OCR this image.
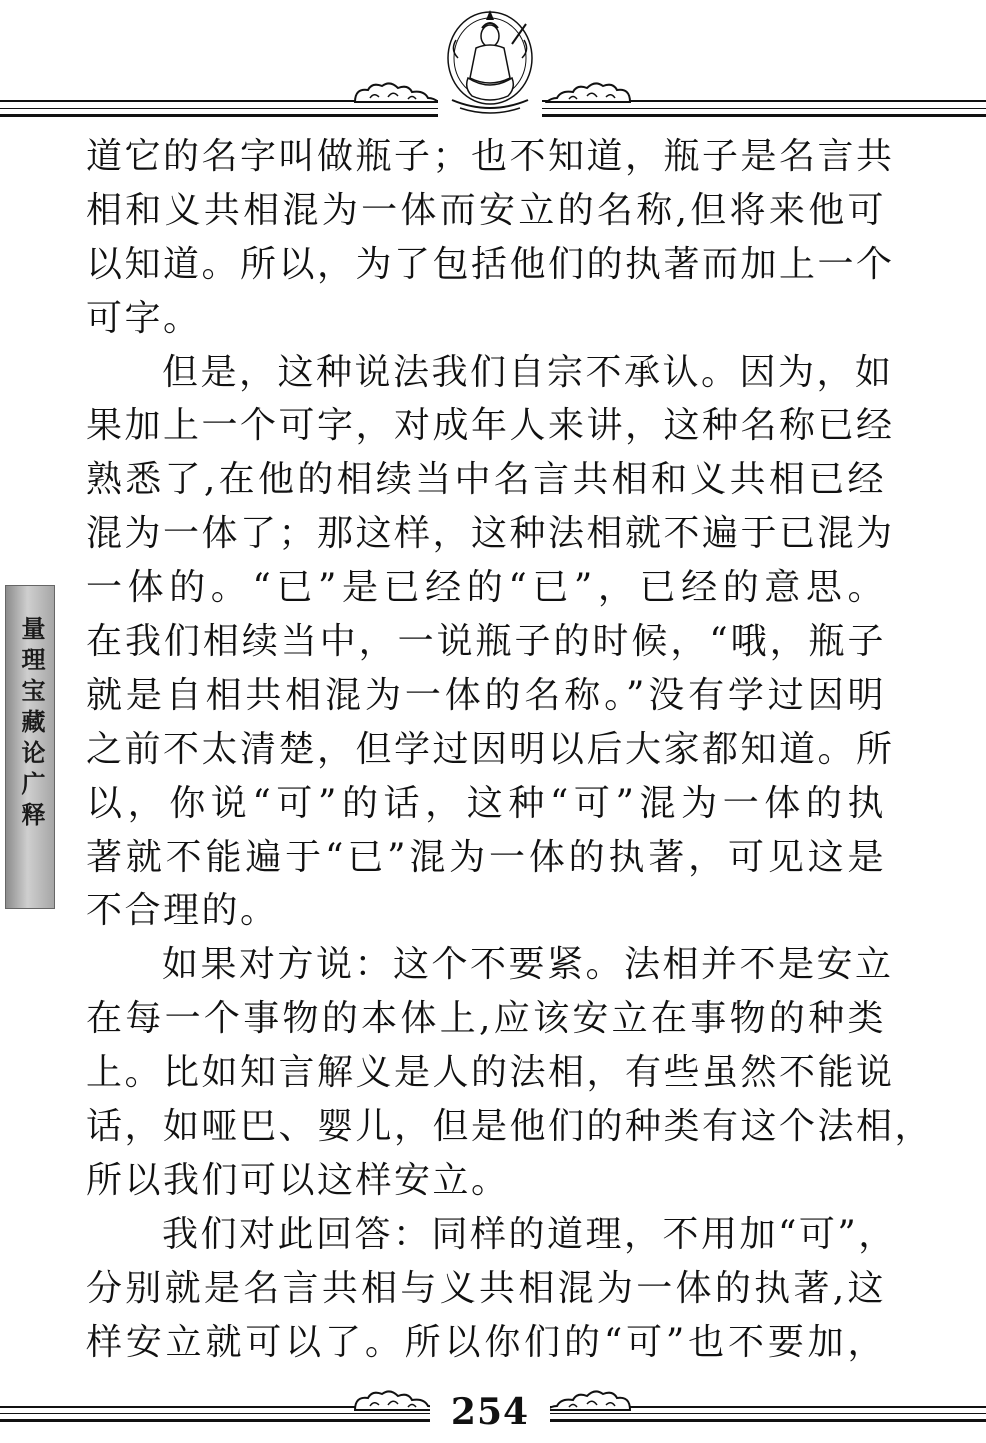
量理宝藏论广释
道它的名字叫做瓶子；也不知道，瓶子是名言共
相和义共相混为一体而安立的名称,但将来他可
以知道。所以，为了包括他们的执著而加上一个
可字。
但是，这种说法我们自宗不承认。因为，如
果加上一个可字，对成年人来讲，这种名称已经
熟悉了,在他的相续当中名言共相和义共相已经
混为一体了；那这样，这种法相就不遍于已混为
一体的。“已”是已经的“已”，已经的意思。
在我们相续当中，一说瓶子的时候，“哦，瓶子
就是自相共相混为一体的名称。”没有学过因明
之前不太清楚，但学过因明以后大家都知道。所
以，你说“可”的话，这种“可”混为一体的执
著就不能遍于“已”混为一体的执著，可见这是
不合理的。
如果对方说：这个不要紧。法相并不是安立
在每一个事物的本体上,应该安立在事物的种类
上。比如知言解义是人的法相，有些虽然不能说
话，如哑巴、婴儿，但是他们的种类有这个法相，
所以我们可以这样安立。
我们对此回答：同样的道理，不用加“可”，
分别就是名言共相与义共相混为一体的执著,这
样安立就可以了。所以你们的“可”也不要加，
254
